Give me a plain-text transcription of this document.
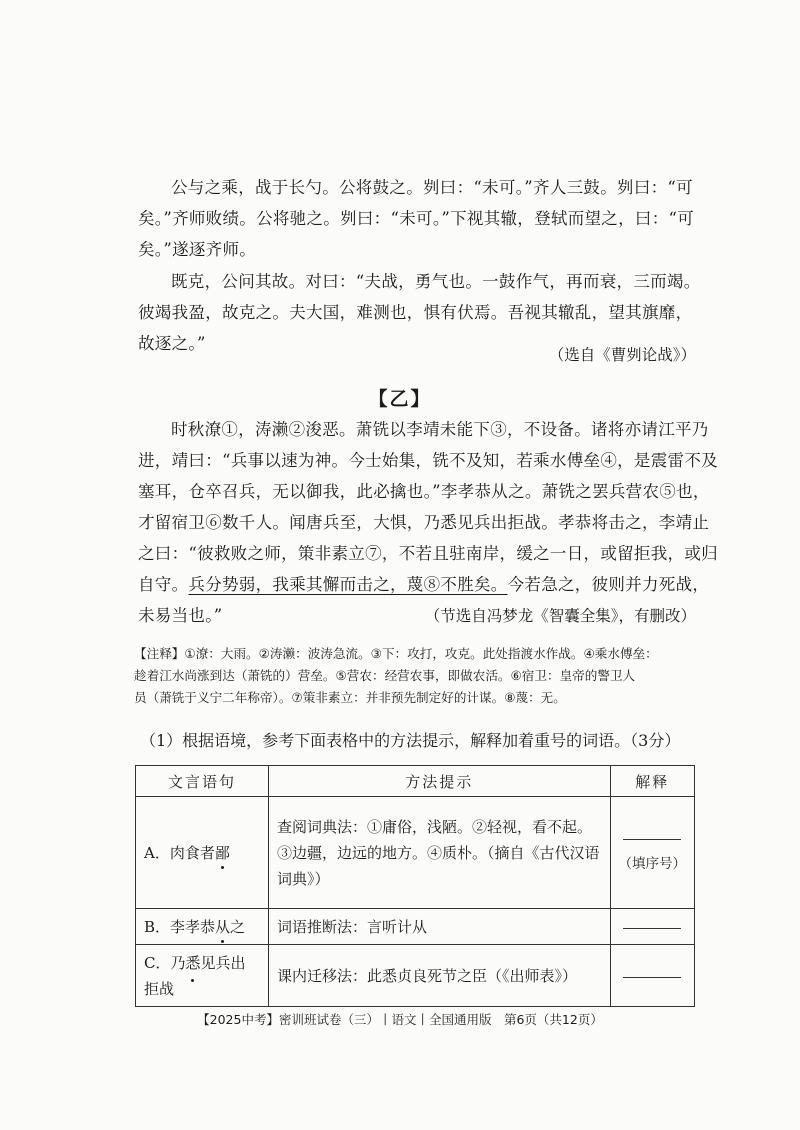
公与之乘，战于长勺。公将鼓之。刿曰：“未可。”齐人三鼓。刿曰：“可
矣。”齐师败绩。公将驰之。刿曰：“未可。”下视其辙，登轼而望之，曰：“可
矣。”遂逐齐师。
既克，公问其故。对曰：“夫战，勇气也。一鼓作气，再而衰，三而竭。
彼竭我盈，故克之。夫大国，难测也，惧有伏焉。吾视其辙乱，望其旗靡，
故逐之。”
（选自《曹刿论战》）
【乙】
时秋潦①，涛濑②浚恶。萧铣以李靖未能下③，不设备。诸将亦请江平乃
进，靖曰：“兵事以速为神。今士始集，铣不及知，若乘水傅垒④，是震雷不及
塞耳，仓卒召兵，无以御我，此必擒也。”李孝恭从之。萧铣之罢兵营农⑤也，
才留宿卫⑥数千人。闻唐兵至，大惧，乃悉见兵出拒战。孝恭将击之，李靖止
之曰：“彼救败之师，策非素立⑦，不若且驻南岸，缓之一日，或留拒我，或归
自守。兵分势弱，我乘其懈而击之，蔑⑧不胜矣。今若急之，彼则并力死战，
未易当也。”	（节选自冯梦龙《智囊全集》，有删改）
【注释】①潦：大雨。②涛濑：波涛急流。③下：攻打，攻克。此处指渡水作战。④乘水傅垒：
趁着江水尚涨到达（萧铣的）营垒。⑤营农：经营农事，即做农活。⑥宿卫：皇帝的警卫人
员（萧铣于义宁二年称帝）。⑦策非素立：并非预先制定好的计谋。⑧蔑：无。
（1）根据语境，参考下面表格中的方法提示，解释加着重号的词语。（3分）
文言语句	方法提示	解释
A．肉食者鄙	查阅词典法：①庸俗，浅陋。②轻视，看不起。③边疆，边远的地方。④质朴。（摘自《古代汉语词典》）	（填序号）

B．李孝恭从之	词语推断法：言听计从	
C．乃悉见兵出拒战	课内迁移法：此悉贞良死节之臣（《出师表》）	
【2025中考】密训班试卷（三）丨语文丨全国通用版　第6页（共12页）
